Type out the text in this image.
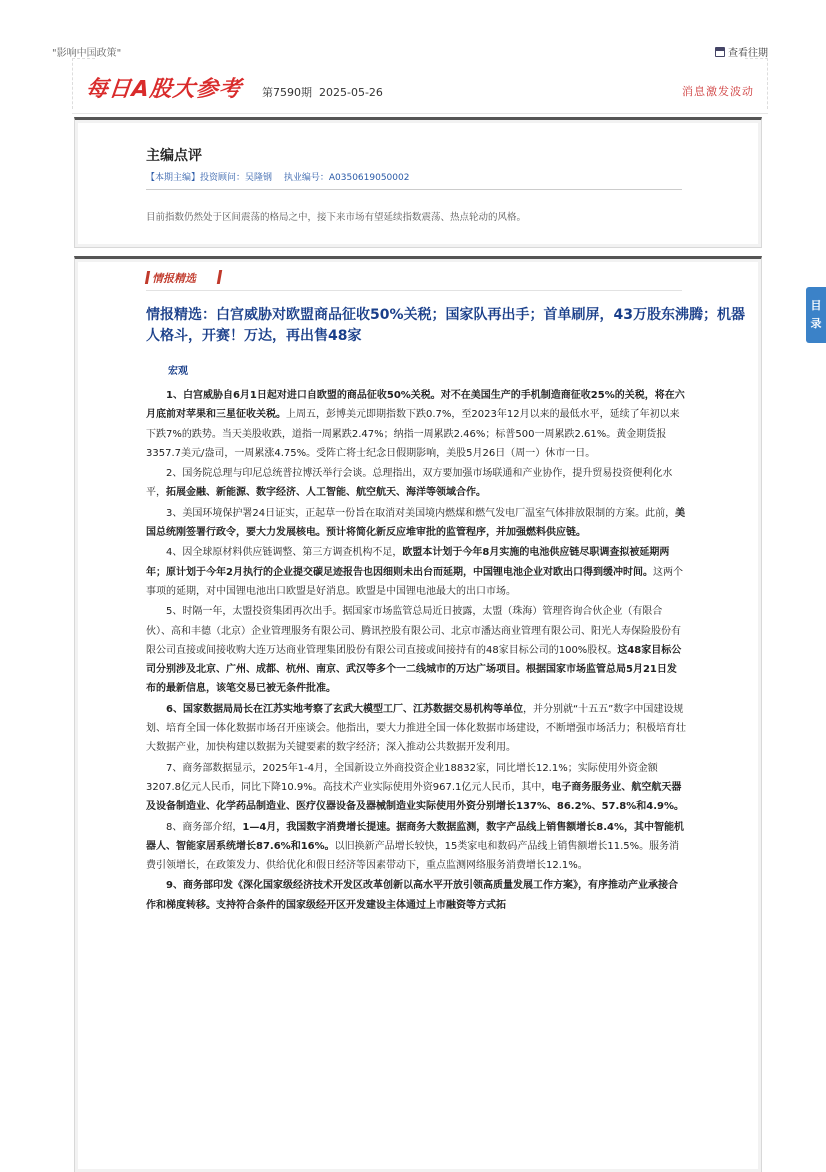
"影响中国政策"	查看往期
每日A股大参考 第7590期 2025-05-26	消息激发波动
主编点评
【本期主编】投资顾问：吴隆钢　 执业编号：A0350619050002
目前指数仍然处于区间震荡的格局之中，接下来市场有望延续指数震荡、热点轮动的风格。
情报精选
情报精选：白宫威胁对欧盟商品征收50%关税；国家队再出手；首单刷屏，43万股东沸腾；机器人格斗，开赛！万达，再出售48家
宏观

1、白宫威胁自6月1日起对进口自欧盟的商品征收50%关税。对不在美国生产的手机制造商征收25%的关税，将在六月底前对苹果和三星征收关税。上周五，彭博美元即期指数下跌0.7%，至2023年12月以来的最低水平，延续了年初以来下跌7%的跌势。当天美股收跌，道指一周累跌2.47%；纳指一周累跌2.46%；标普500一周累跌2.61%。黄金期货报3357.7美元/盎司，一周累涨4.75%。受阵亡将士纪念日假期影响，美股5月26日（周一）休市一日。

2、国务院总理与印尼总统普拉博沃举行会谈。总理指出，双方要加强市场联通和产业协作，提升贸易投资便利化水平，拓展金融、新能源、数字经济、人工智能、航空航天、海洋等领域合作。

3、美国环境保护署24日证实，正起草一份旨在取消对美国境内燃煤和燃气发电厂温室气体排放限制的方案。此前，美国总统刚签署行政令，要大力发展核电。预计将简化新反应堆审批的监管程序，并加强燃料供应链。

4、因全球原材料供应链调整、第三方调查机构不足，欧盟本计划于今年8月实施的电池供应链尽职调查拟被延期两年；原计划于今年2月执行的企业提交碳足迹报告也因细则未出台而延期，中国锂电池企业对欧出口得到缓冲时间。这两个事项的延期，对中国锂电池出口欧盟是好消息。欧盟是中国锂电池最大的出口市场。

5、时隔一年，太盟投资集团再次出手。据国家市场监管总局近日披露，太盟（珠海）管理咨询合伙企业（有限合伙）、高和丰德（北京）企业管理服务有限公司、腾讯控股有限公司、北京市潘达商业管理有限公司、阳光人寿保险股份有限公司直接或间接收购大连万达商业管理集团股份有限公司直接或间接持有的48家目标公司的100%股权。这48家目标公司分别涉及北京、广州、成都、杭州、南京、武汉等多个一二线城市的万达广场项目。根据国家市场监管总局5月21日发布的最新信息，该笔交易已被无条件批准。

6、国家数据局局长在江苏实地考察了玄武大模型工厂、江苏数据交易机构等单位，并分别就“十五五”数字中国建设规划、培育全国一体化数据市场召开座谈会。他指出，要大力推进全国一体化数据市场建设，不断增强市场活力；积极培育壮大数据产业，加快构建以数据为关键要素的数字经济；深入推动公共数据开发利用。

7、商务部数据显示，2025年1-4月，全国新设立外商投资企业18832家，同比增长12.1%；实际使用外资金额3207.8亿元人民币，同比下降10.9%。高技术产业实际使用外资967.1亿元人民币，其中，电子商务服务业、航空航天器及设备制造业、化学药品制造业、医疗仪器设备及器械制造业实际使用外资分别增长137%、86.2%、57.8%和4.9%。

8、商务部介绍，1—4月，我国数字消费增长提速。据商务大数据监测，数字产品线上销售额增长8.4%，其中智能机器人、智能家居系统增长87.6%和16%。以旧换新产品增长较快，15类家电和数码产品线上销售额增长11.5%。服务消费引领增长，在政策发力、供给优化和假日经济等因素带动下，重点监测网络服务消费增长12.1%。

9、商务部印发《深化国家级经济技术开发区改革创新以高水平开放引领高质量发展工作方案》，有序推动产业承接合作和梯度转移。支持符合条件的国家级经开区开发建设主体通过上市融资等方式拓

目
录
